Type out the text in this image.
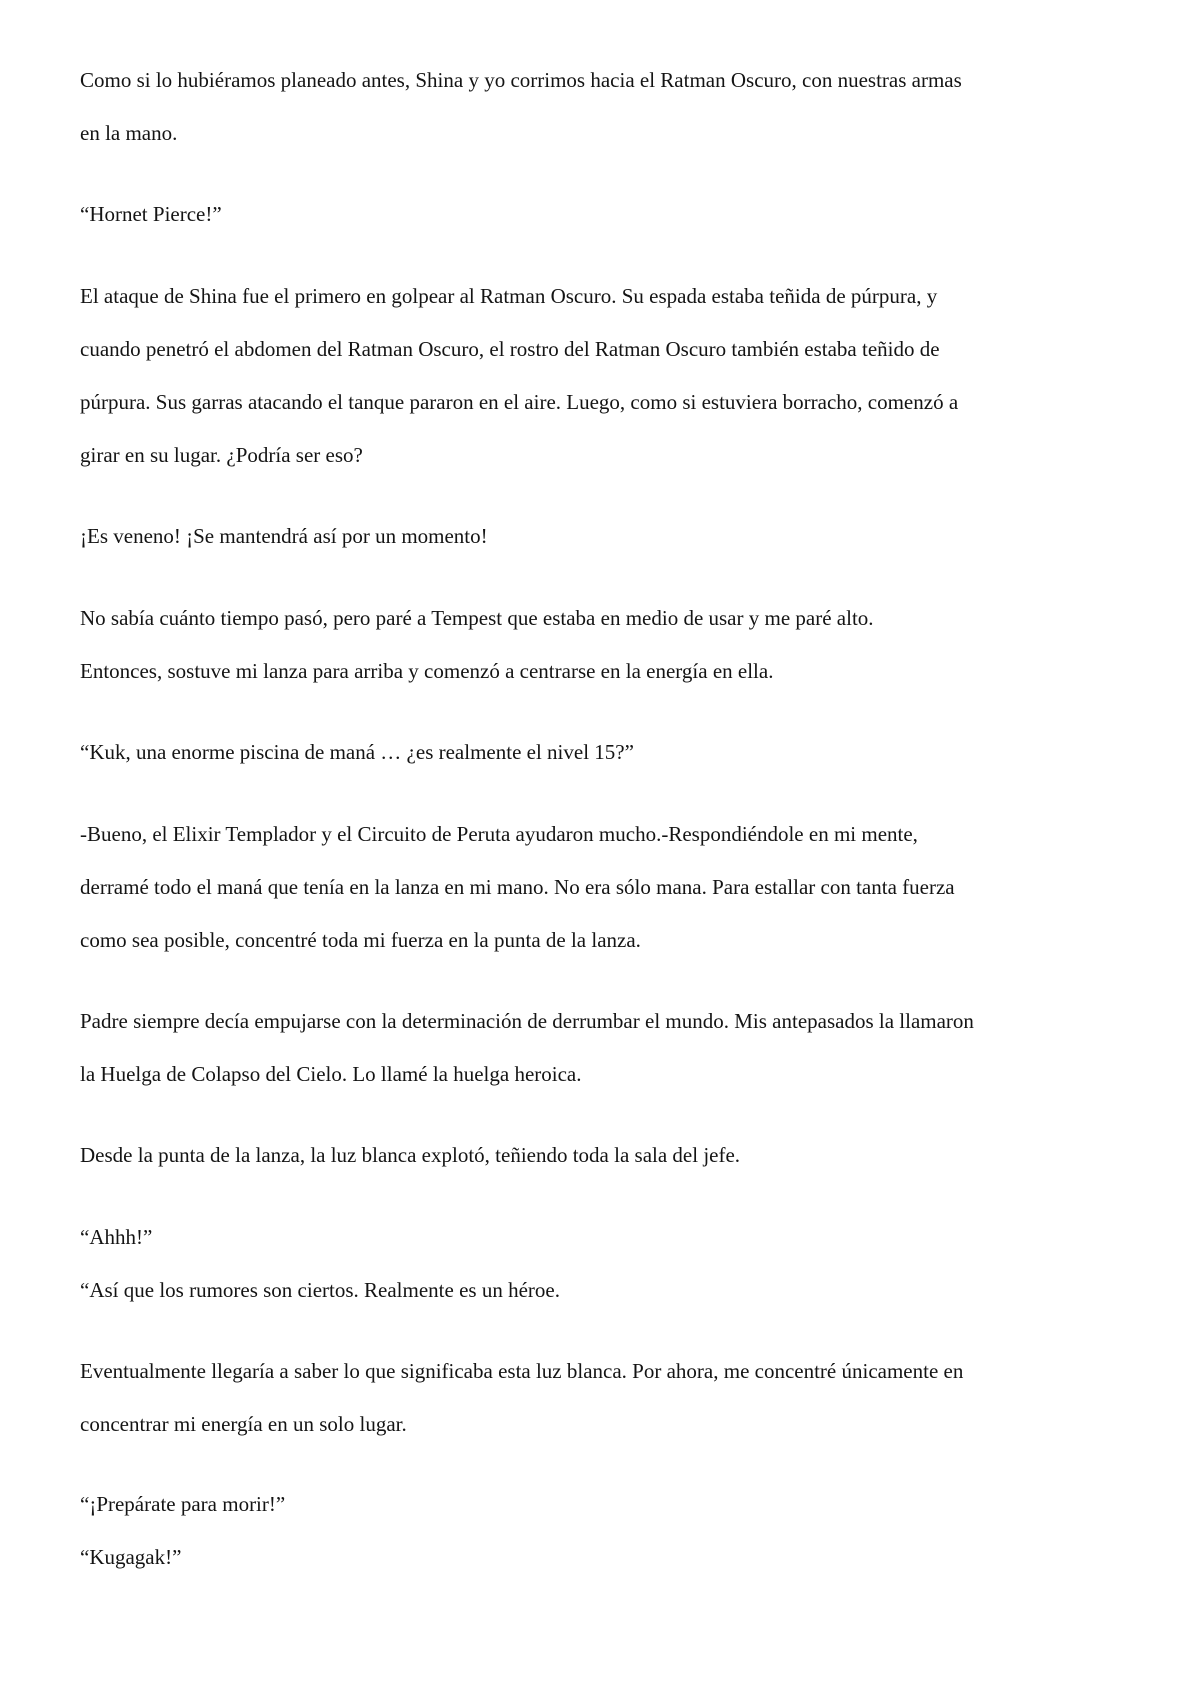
Como si lo hubiéramos planeado antes, Shina y yo corrimos hacia el Ratman Oscuro, con nuestras armas
en la mano.

“Hornet Pierce!”

El ataque de Shina fue el primero en golpear al Ratman Oscuro. Su espada estaba teñida de púrpura, y
cuando penetró el abdomen del Ratman Oscuro, el rostro del Ratman Oscuro también estaba teñido de
púrpura. Sus garras atacando el tanque pararon en el aire. Luego, como si estuviera borracho, comenzó a
girar en su lugar. ¿Podría ser eso?

¡Es veneno! ¡Se mantendrá así por un momento!

No sabía cuánto tiempo pasó, pero paré a Tempest que estaba en medio de usar y me paré alto.
Entonces, sostuve mi lanza para arriba y comenzó a centrarse en la energía en ella.

“Kuk, una enorme piscina de maná … ¿es realmente el nivel 15?”

-Bueno, el Elixir Templador y el Circuito de Peruta ayudaron mucho.-Respondiéndole en mi mente,
derramé todo el maná que tenía en la lanza en mi mano. No era sólo mana. Para estallar con tanta fuerza
como sea posible, concentré toda mi fuerza en la punta de la lanza.

Padre siempre decía empujarse con la determinación de derrumbar el mundo. Mis antepasados la llamaron
la Huelga de Colapso del Cielo. Lo llamé la huelga heroica.

Desde la punta de la lanza, la luz blanca explotó, teñiendo toda la sala del jefe.

“Ahhh!”
“Así que los rumores son ciertos. Realmente es un héroe.

Eventualmente llegaría a saber lo que significaba esta luz blanca. Por ahora, me concentré únicamente en
concentrar mi energía en un solo lugar.

“¡Prepárate para morir!”
“Kugagak!”
